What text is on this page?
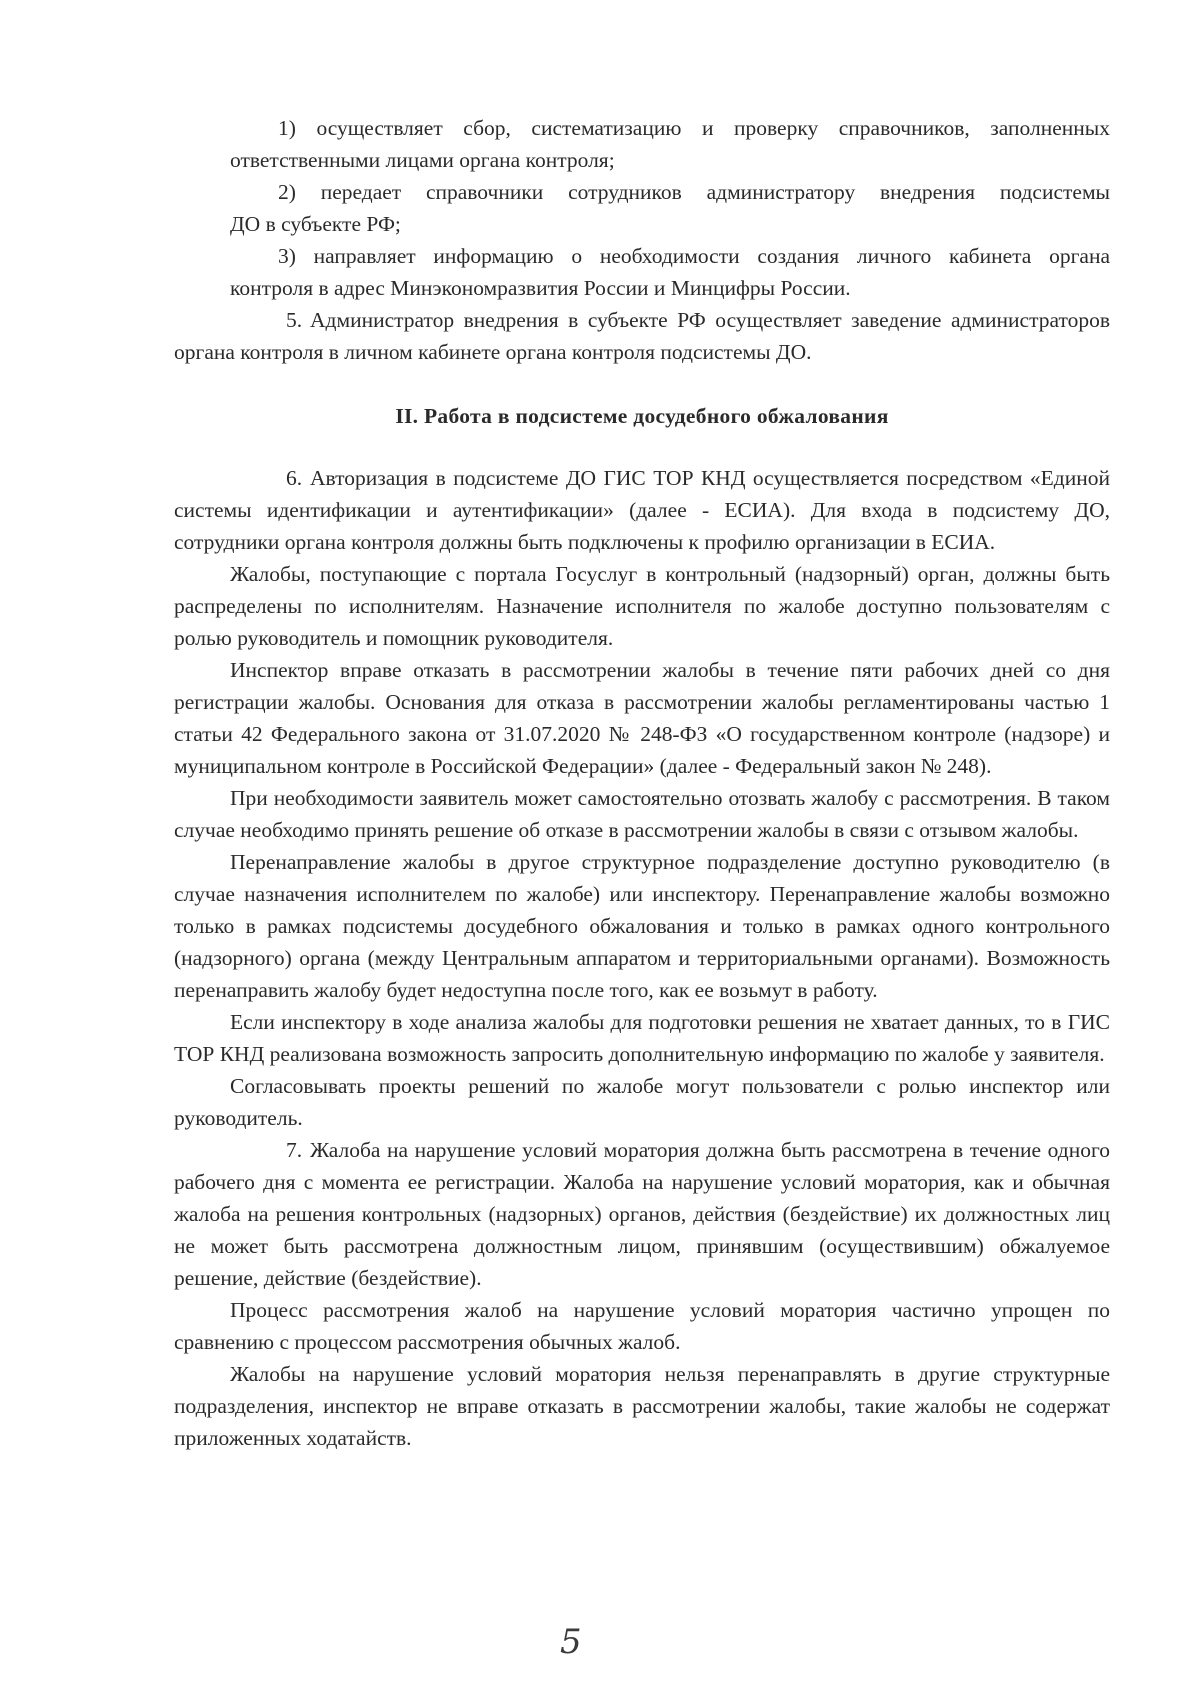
1) осуществляет сбор, систематизацию и проверку справочников, заполненных
ответственными лицами органа контроля;
2) передает справочники сотрудников администратору внедрения подсистемы
ДО в субъекте РФ;
3) направляет информацию о необходимости создания личного кабинета органа
контроля в адрес Минэкономразвития России и Минцифры России.

5. Администратор внедрения в субъекте РФ осуществляет заведение администраторов органа контроля в личном кабинете органа контроля подсистемы ДО.

II. Работа в подсистеме досудебного обжалования

6. Авторизация в подсистеме ДО ГИС ТОР КНД осуществляется посредством «Единой системы идентификации и аутентификации» (далее - ЕСИА). Для входа в подсистему ДО, сотрудники органа контроля должны быть подключены к профилю организации в ЕСИА.

Жалобы, поступающие с портала Госуслуг в контрольный (надзорный) орган, должны быть распределены по исполнителям. Назначение исполнителя по жалобе доступно пользователям с ролью руководитель и помощник руководителя.

Инспектор вправе отказать в рассмотрении жалобы в течение пяти рабочих дней со дня регистрации жалобы. Основания для отказа в рассмотрении жалобы регламентированы частью 1 статьи 42 Федерального закона от 31.07.2020 № 248-ФЗ «О государственном контроле (надзоре) и муниципальном контроле в Российской Федерации» (далее - Федеральный закон № 248).

При необходимости заявитель может самостоятельно отозвать жалобу с рассмотрения. В таком случае необходимо принять решение об отказе в рассмотрении жалобы в связи с отзывом жалобы.

Перенаправление жалобы в другое структурное подразделение доступно руководителю (в случае назначения исполнителем по жалобе) или инспектору. Перенаправление жалобы возможно только в рамках подсистемы досудебного обжалования и только в рамках одного контрольного (надзорного) органа (между Центральным аппаратом и территориальными органами). Возможность перенаправить жалобу будет недоступна после того, как ее возьмут в работу.

Если инспектору в ходе анализа жалобы для подготовки решения не хватает данных, то в ГИС ТОР КНД реализована возможность запросить дополнительную информацию по жалобе у заявителя.

Согласовывать проекты решений по жалобе могут пользователи с ролью инспектор или руководитель.

7. Жалоба на нарушение условий моратория должна быть рассмотрена в течение одного рабочего дня с момента ее регистрации. Жалоба на нарушение условий моратория, как и обычная жалоба на решения контрольных (надзорных) органов, действия (бездействие) их должностных лиц не может быть рассмотрена должностным лицом, принявшим (осуществившим) обжалуемое решение, действие (бездействие).

Процесс рассмотрения жалоб на нарушение условий моратория частично упрощен по сравнению с процессом рассмотрения обычных жалоб.

Жалобы на нарушение условий моратория нельзя перенаправлять в другие структурные подразделения, инспектор не вправе отказать в рассмотрении жалобы, такие жалобы не содержат приложенных ходатайств.

5
